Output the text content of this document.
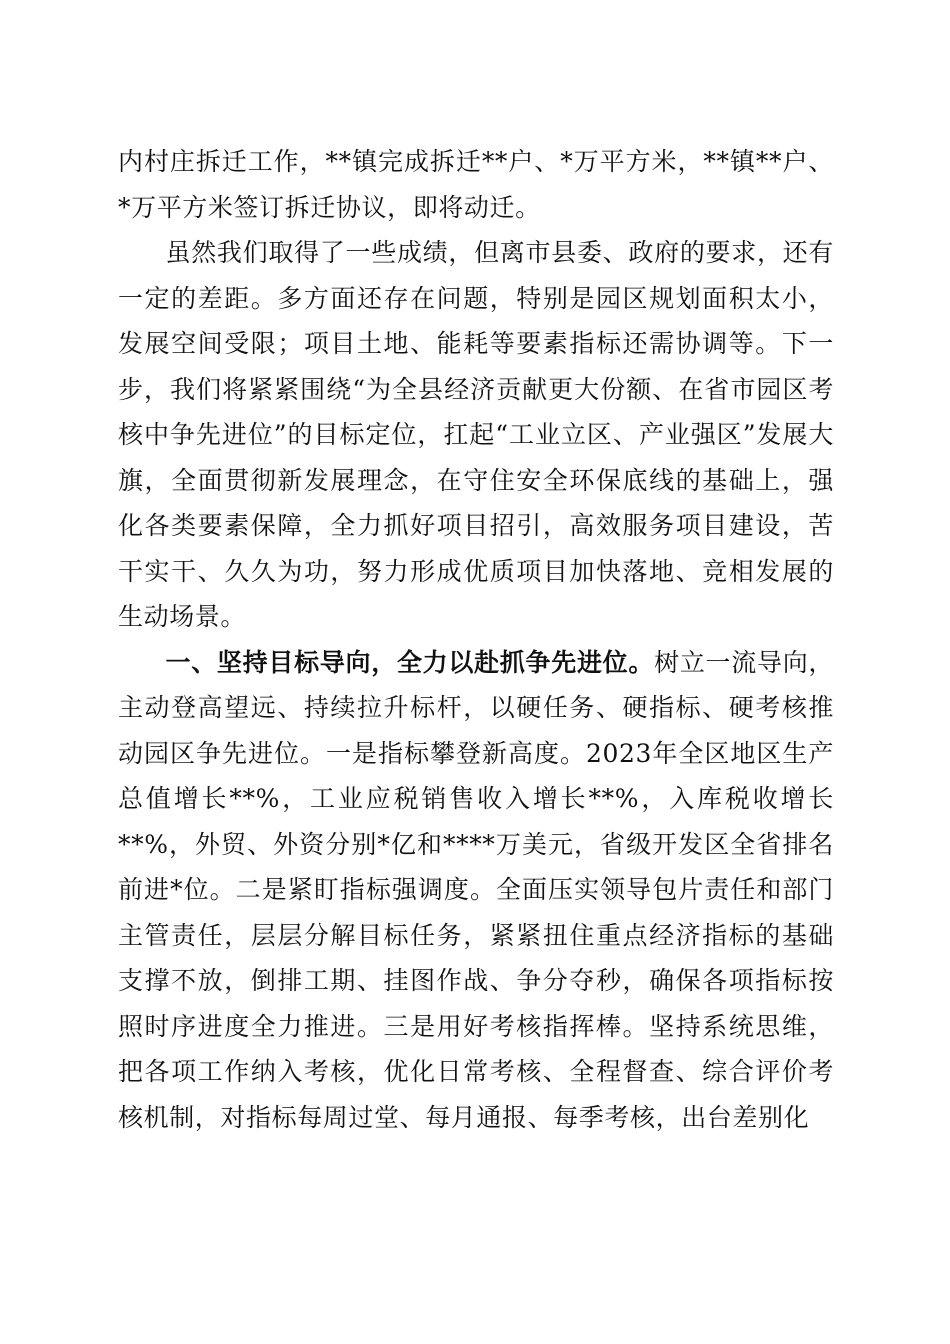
内村庄拆迁工作，**镇完成拆迁**户、*万平方米，**镇**户、*万平方米签订拆迁协议，即将动迁。

虽然我们取得了一些成绩，但离市县委、政府的要求，还有一定的差距。多方面还存在问题，特别是园区规划面积太小，发展空间受限；项目土地、能耗等要素指标还需协调等。下一步，我们将紧紧围绕“为全县经济贡献更大份额、在省市园区考核中争先进位”的目标定位，扛起“工业立区、产业强区”发展大旗，全面贯彻新发展理念，在守住安全环保底线的基础上，强化各类要素保障，全力抓好项目招引，高效服务项目建设，苦干实干、久久为功，努力形成优质项目加快落地、竞相发展的生动场景。

一、坚持目标导向，全力以赴抓争先进位。树立一流导向，主动登高望远、持续拉升标杆，以硬任务、硬指标、硬考核推动园区争先进位。一是指标攀登新高度。2023年全区地区生产总值增长**%，工业应税销售收入增长**%，入库税收增长**%，外贸、外资分别*亿和****万美元，省级开发区全省排名前进*位。二是紧盯指标强调度。全面压实领导包片责任和部门主管责任，层层分解目标任务，紧紧扭住重点经济指标的基础支撑不放，倒排工期、挂图作战、争分夺秒，确保各项指标按照时序进度全力推进。三是用好考核指挥棒。坚持系统思维，把各项工作纳入考核，优化日常考核、全程督查、综合评价考核机制，对指标每周过堂、每月通报、每季考核，出台差别化
